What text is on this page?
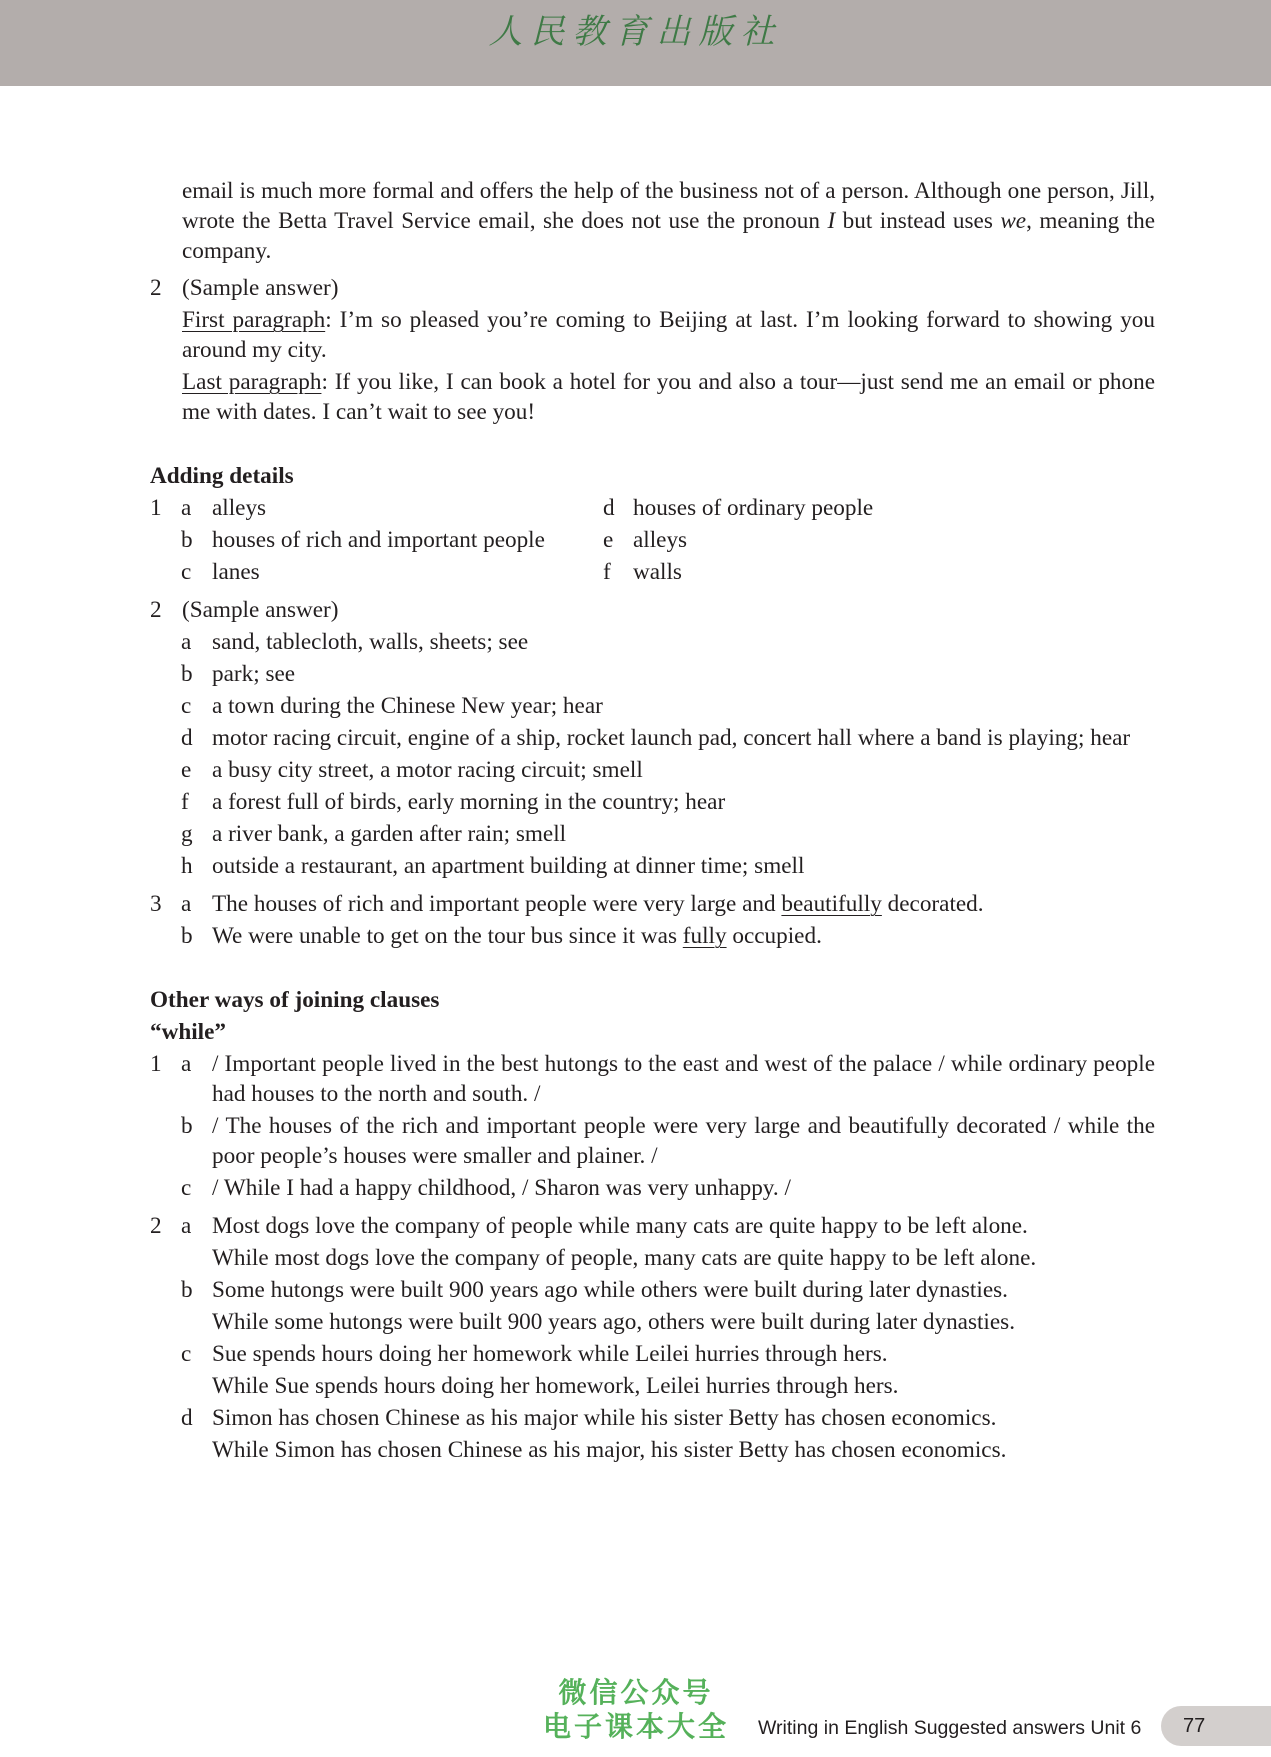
人民教育出版社

email is much more formal and offers the help of the business not of a person. Although one person, Jill, wrote the Betta Travel Service email, she does not use the pronoun I but instead uses we, meaning the company.

2 (Sample answer)

First paragraph: I’m so pleased you’re coming to Beijing at last. I’m looking forward to showing you around my city.

Last paragraph: If you like, I can book a hotel for you and also a tour—just send me an email or phone me with dates. I can’t wait to see you!

Adding details

1 a alleys	d houses of ordinary people
b houses of rich and important people	e alleys
c lanes	f walls
2 (Sample answer)
a sand, tablecloth, walls, sheets; see
b park; see
c a town during the Chinese New year; hear
d motor racing circuit, engine of a ship, rocket launch pad, concert hall where a band is playing; hear
e a busy city street, a motor racing circuit; smell
f a forest full of birds, early morning in the country; hear
g a river bank, a garden after rain; smell
h outside a restaurant, an apartment building at dinner time; smell
3 a The houses of rich and important people were very large and beautifully decorated.
b We were unable to get on the tour bus since it was fully occupied.

Other ways of joining clauses

“while”

1 a / Important people lived in the best hutongs to the east and west of the palace / while ordinary people had houses to the north and south. /
b / The houses of the rich and important people were very large and beautifully decorated / while the poor people’s houses were smaller and plainer. /
c / While I had a happy childhood, / Sharon was very unhappy. /
2 a Most dogs love the company of people while many cats are quite happy to be left alone.
While most dogs love the company of people, many cats are quite happy to be left alone.
b Some hutongs were built 900 years ago while others were built during later dynasties.
While some hutongs were built 900 years ago, others were built during later dynasties.
c Sue spends hours doing her homework while Leilei hurries through hers.
While Sue spends hours doing her homework, Leilei hurries through hers.
d Simon has chosen Chinese as his major while his sister Betty has chosen economics.
While Simon has chosen Chinese as his major, his sister Betty has chosen economics.
微信公众号
电子课本大全	Writing in English Suggested answers Unit 6	77
